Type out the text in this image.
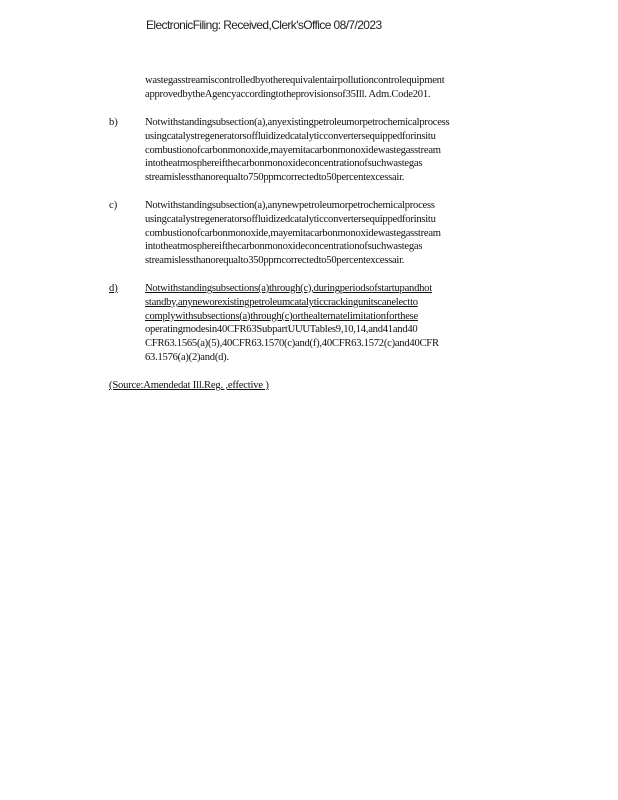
ElectronicFiling: Received,Clerk'sOffice 08/7/2023
wastegasstreamiscontrolledbyotherequivalentairpollutioncontrolequipment
approvedbytheAgencyaccordingtotheprovisionsof35Ill. Adm.Code201.
b)	Notwithstandingsubsection(a),anyexistingpetroleumorpetrochemicalprocess
usingcatalystregeneratorsoffluidizedcatalyticconvertersequippedforinsitu
combustionofcarbonmonoxide,mayemitacarbonmonoxidewastegasstream
intotheatmosphereifthecarbonmonoxideconcentrationofsuchwastegas
streamislessthanorequalto750ppmcorrectedto50percentexcessair.
c)	Notwithstandingsubsection(a),anynewpetroleumorpetrochemicalprocess
usingcatalystregeneratorsoffluidizedcatalyticconvertersequippedforinsitu
combustionofcarbonmonoxide,mayemitacarbonmonoxidewastegasstream
intotheatmosphereifthecarbonmonoxideconcentrationofsuchwastegas
streamislessthanorequalto350ppmcorrectedto50percentexcessair.
d)	Notwithstandingsubsections(a)through(c),duringperiodsofstartupandhot
standby,anyneworexistingpetroleumcatalyticcrackingunitscanelectto
complywithsubsections(a)through(c)orthealternatelimitationforthese
operatingmodesin40CFR63SubpartUUUTables9,10,14,and41and40
CFR63.1565(a)(5),40CFR63.1570(c)and(f),40CFR63.1572(c)and40CFR
63.1576(a)(2)and(d).
(Source:Amendedat Ill.Reg. ,effective )
